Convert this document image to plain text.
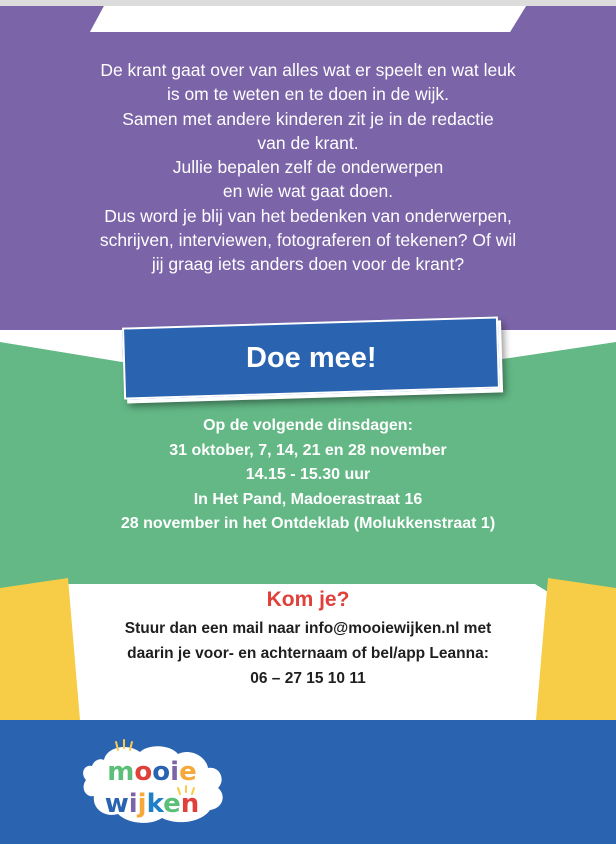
De krant gaat over van alles wat er speelt en wat leuk
is om te weten en te doen in de wijk.
Samen met andere kinderen zit je in de redactie
van de krant.
Jullie bepalen zelf de onderwerpen
en wie wat gaat doen.
Dus word je blij van het bedenken van onderwerpen,
schrijven, interviewen, fotograferen of tekenen? Of wil
jij graag iets anders doen voor de krant?
Doe mee!
Op de volgende dinsdagen:
31 oktober, 7, 14, 21 en 28 november
14.15 - 15.30 uur
In Het Pand, Madoerastraat 16
28 november in het Ontdeklab (Molukkenstraat 1)
Kom je?
Stuur dan een mail naar info@mooiewijken.nl met
daarin je voor- en achternaam of bel/app Leanna:
06 – 27 15 10 11
mooie
wijken
